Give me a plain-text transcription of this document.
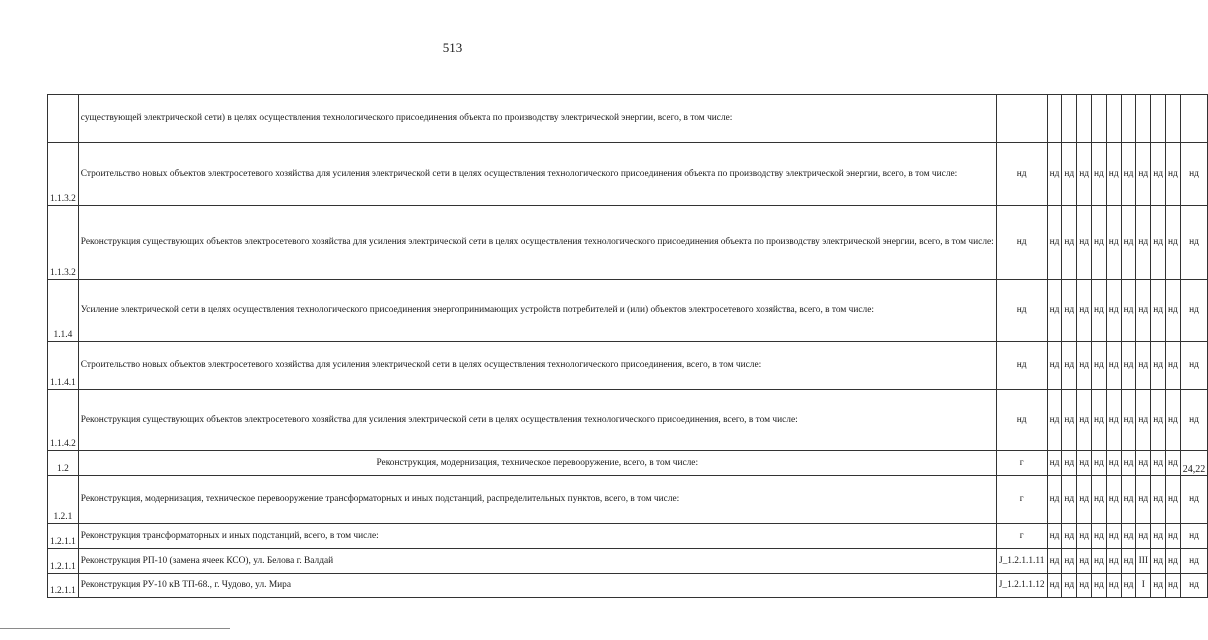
513
	существующей электрической сети) в целях осуществления технологического присоединения объекта по производству электрической энергии, всего, в том числе:											
1.1.3.2	Строительство новых объектов электросетевого хозяйства для усиления электрической сети в целях осуществления технологического присоединения объекта по производству электрической энергии, всего, в том числе:	нд	нд	нд	нд	нд	нд	нд	нд	нд	нд	нд
1.1.3.2	Реконструкция существующих объектов электросетевого хозяйства для усиления электрической сети в целях осуществления технологического присоединения объекта по производству электрической энергии, всего, в том числе:	нд	нд	нд	нд	нд	нд	нд	нд	нд	нд	нд
1.1.4	Усиление электрической сети в целях осуществления технологического присоединения энергопринимающих устройств потребителей и (или) объектов электросетевого хозяйства, всего, в том числе:	нд	нд	нд	нд	нд	нд	нд	нд	нд	нд	нд
1.1.4.1	Строительство новых объектов электросетевого хозяйства для усиления электрической сети в целях осуществления технологического присоединения, всего, в том числе:	нд	нд	нд	нд	нд	нд	нд	нд	нд	нд	нд
1.1.4.2	Реконструкция существующих объектов электросетевого хозяйства для усиления электрической сети в целях осуществления технологического присоединения, всего, в том числе:	нд	нд	нд	нд	нд	нд	нд	нд	нд	нд	нд
1.2	Реконструкция, модернизация, техническое перевооружение, всего, в том числе:	г	нд	нд	нд	нд	нд	нд	нд	нд	нд	24,22
1.2.1	Реконструкция, модернизация, техническое перевооружение трансформаторных и иных подстанций, распределительных пунктов, всего, в том числе:	г	нд	нд	нд	нд	нд	нд	нд	нд	нд	нд
1.2.1.1	Реконструкция трансформаторных и иных подстанций, всего, в том числе:	г	нд	нд	нд	нд	нд	нд	нд	нд	нд	нд
1.2.1.1	Реконструкция РП-10 (замена ячеек КСО), ул. Белова г. Валдай	J_1.2.1.1.11	нд	нд	нд	нд	нд	нд	III	нд	нд	нд
1.2.1.1	Реконструкция РУ-10 кВ ТП-68., г. Чудово, ул. Мира	J_1.2.1.1.12	нд	нд	нд	нд	нд	нд	I	нд	нд	нд
